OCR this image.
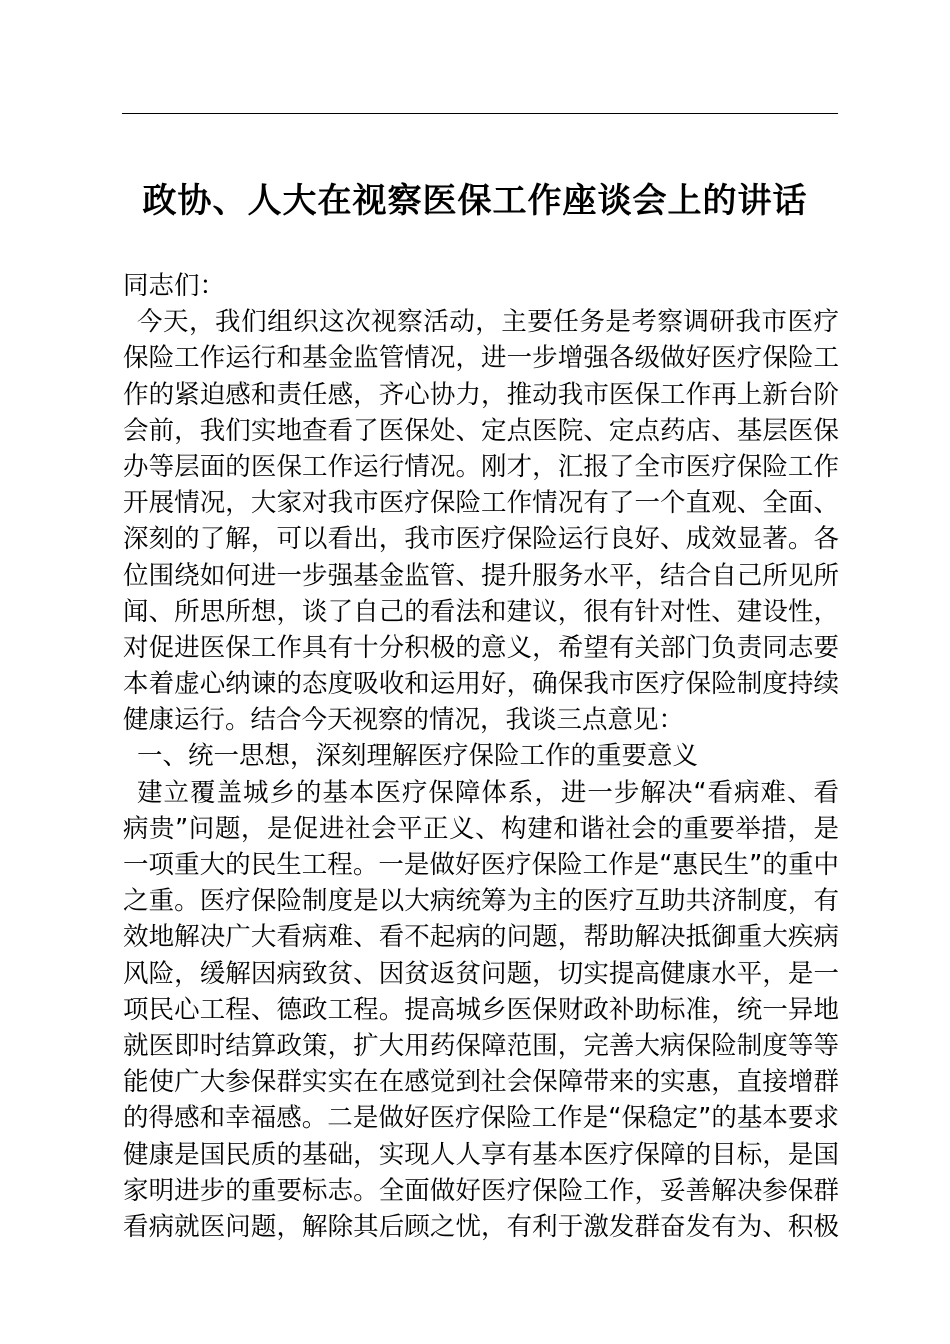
政协、人大在视察医保工作座谈会上的讲话
同志们：
今天，我们组织这次视察活动，主要任务是考察调研我市医疗
保险工作运行和基金监管情况，进一步增强各级做好医疗保险工
作的紧迫感和责任感，齐心协力，推动我市医保工作再上新台阶
会前，我们实地查看了医保处、定点医院、定点药店、基层医保
办等层面的医保工作运行情况。刚才，汇报了全市医疗保险工作
开展情况，大家对我市医疗保险工作情况有了一个直观、全面、
深刻的了解，可以看出，我市医疗保险运行良好、成效显著。各
位围绕如何进一步强基金监管、提升服务水平，结合自己所见所
闻、所思所想，谈了自己的看法和建议，很有针对性、建设性，
对促进医保工作具有十分积极的意义，希望有关部门负责同志要
本着虚心纳谏的态度吸收和运用好，确保我市医疗保险制度持续
健康运行。结合今天视察的情况，我谈三点意见：
一、统一思想，深刻理解医疗保险工作的重要意义
建立覆盖城乡的基本医疗保障体系，进一步解决“看病难、看
病贵”问题，是促进社会平正义、构建和谐社会的重要举措，是
一项重大的民生工程。一是做好医疗保险工作是“惠民生”的重中
之重。医疗保险制度是以大病统筹为主的医疗互助共济制度，有
效地解决广大看病难、看不起病的问题，帮助解决抵御重大疾病
风险，缓解因病致贫、因贫返贫问题，切实提高健康水平，是一
项民心工程、德政工程。提高城乡医保财政补助标准，统一异地
就医即时结算政策，扩大用药保障范围，完善大病保险制度等等
能使广大参保群实实在在感觉到社会保障带来的实惠，直接增群
的得感和幸福感。二是做好医疗保险工作是“保稳定”的基本要求
健康是国民质的基础，实现人人享有基本医疗保障的目标，是国
家明进步的重要标志。全面做好医疗保险工作，妥善解决参保群
看病就医问题，解除其后顾之忧，有利于激发群奋发有为、积极
